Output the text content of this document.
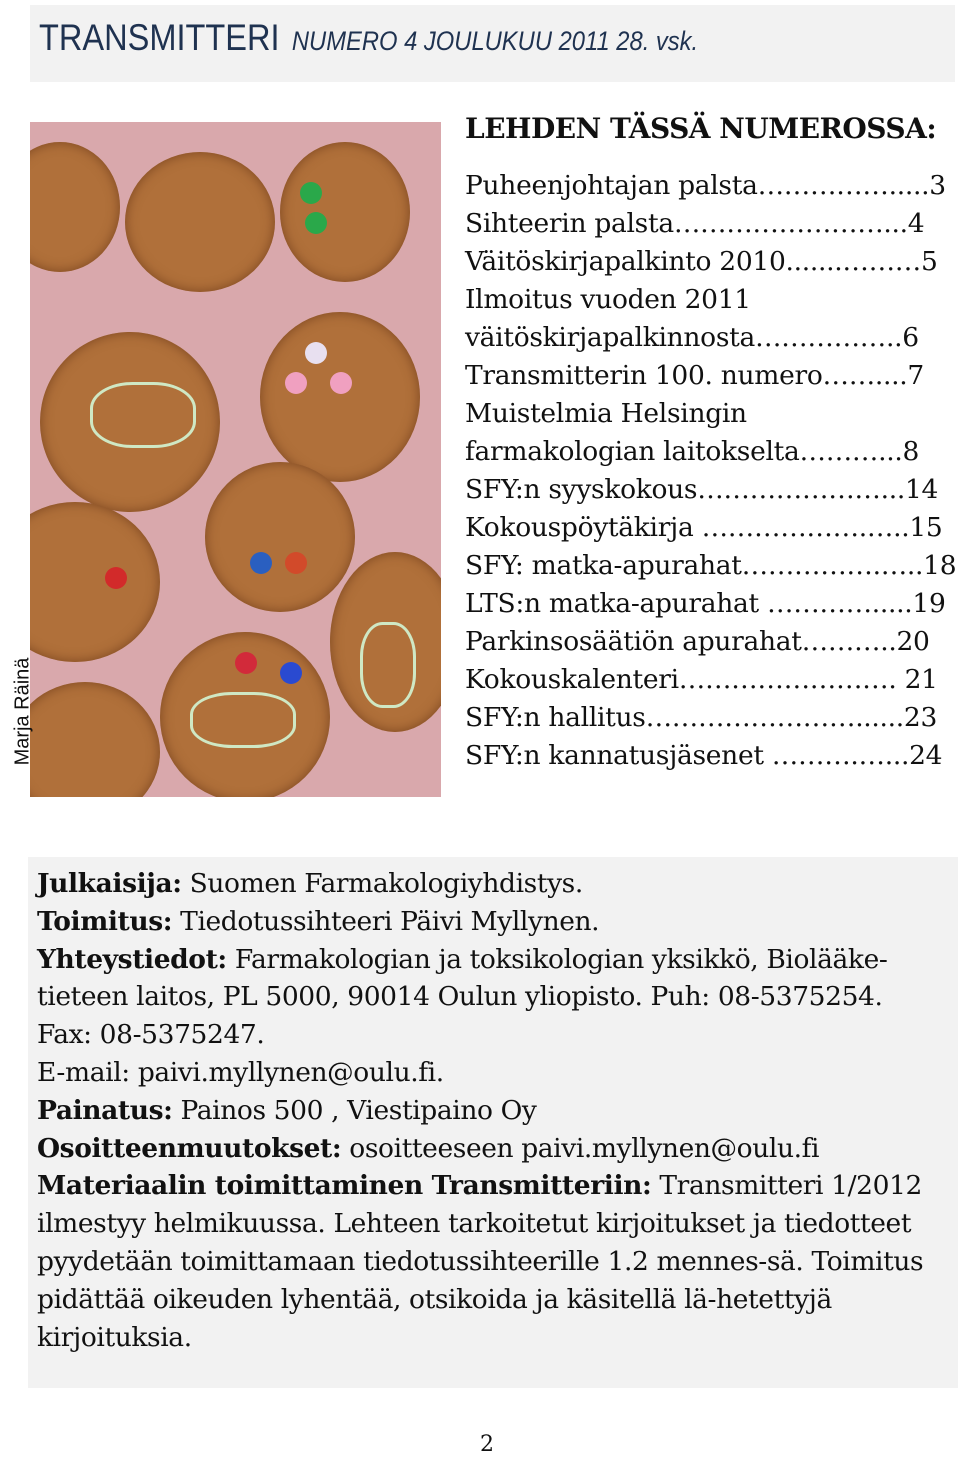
TRANSMITTERI NUMERO 4 JOULUKUU 2011 28. vsk.
Marja Räinä
LEHDEN TÄSSÄ NUMEROSSA:
Puheenjohtajan palsta…………….....3
Sihteerin palsta……………………...4
Väitöskirjapalkinto 2010.......………5
Ilmoitus vuoden 2011
väitöskirjapalkinnosta……………..6
Transmitterin 100. numero……....7
Muistelmia Helsingin
farmakologian laitokselta………...8
SFY:n syyskokous…………………...14
Kokouspöytäkirja ……………….…..15
SFY: matka-apurahat…………….…..18
LTS:n matka-apurahat ………….....19
Parkinsosäätiön apurahat………..20
Kokouskalenteri……………………. 21
SFY:n hallitus……………………......23
SFY:n kannatusjäsenet ……….…...24

Julkaisija: Suomen Farmakologiyhdistys.
Toimitus: Tiedotussihteeri Päivi Myllynen.
Yhteystiedot: Farmakologian ja toksikologian yksikkö, Biolääke-tieteen laitos, PL 5000, 90014 Oulun yliopisto. Puh: 08-5375254. Fax: 08-5375247.
E-mail: paivi.myllynen@oulu.fi.
Painatus: Painos 500 , Viestipaino Oy
Osoitteenmuutokset: osoitteeseen paivi.myllynen@oulu.fi
Materiaalin toimittaminen Transmitteriin: Transmitteri 1/2012 ilmestyy helmikuussa. Lehteen tarkoitetut kirjoitukset ja tiedotteet pyydetään toimittamaan tiedotussihteerille 1.2 mennes-sä. Toimitus pidättää oikeuden lyhentää, otsikoida ja käsitellä lä-hetettyjä kirjoituksia.

2
